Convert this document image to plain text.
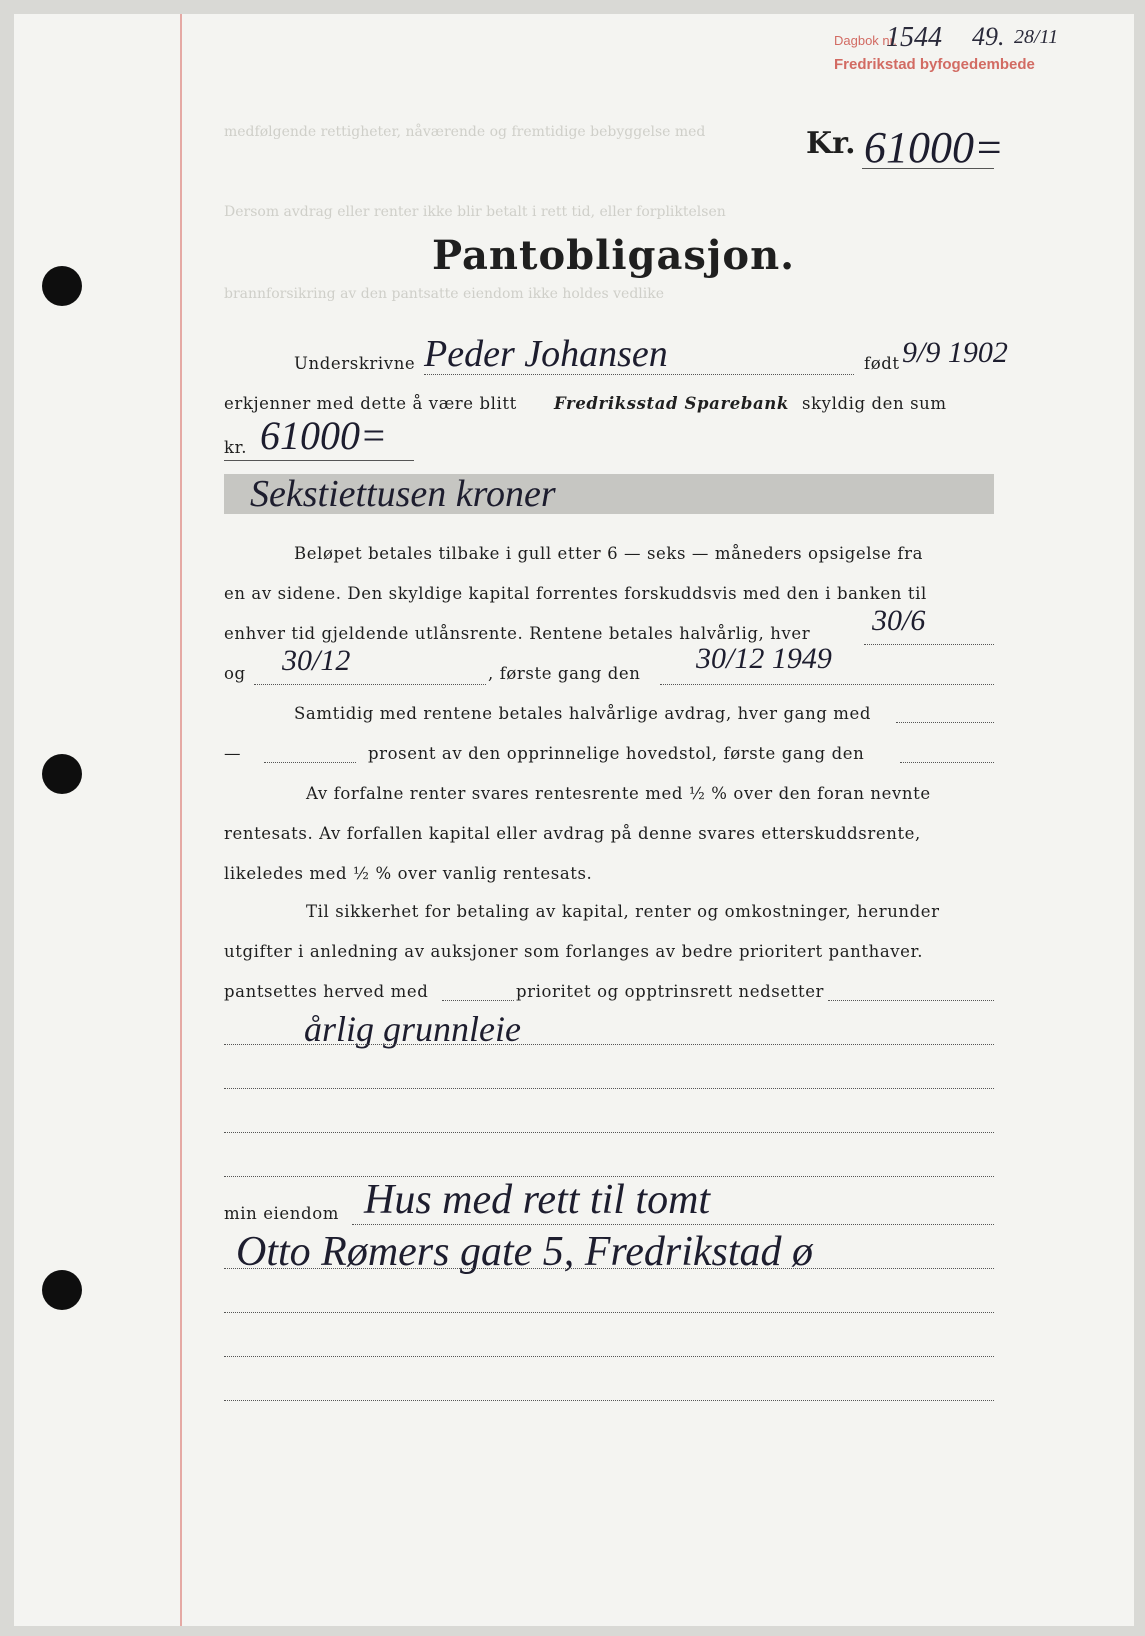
medfølgende rettigheter, nåværende og fremtidige bebyggelse med
Dersom avdrag eller renter ikke blir betalt i rett tid, eller forpliktelsen
brannforsikring av den pantsatte eiendom ikke holdes vedlike
Dagbok nr.
1544 49. 28/11
Fredrikstad byfogedembede
Kr. 61000=
Pantobligasjon.
Underskrivne Peder Johansen	født 9/9 1902
erkjenner med dette å være blitt Fredriksstad Sparebank skyldig den sum
kr. 61000=
Sekstiettusen kroner
Beløpet betales tilbake i gull etter 6 — seks — måneders opsigelse fra
en av sidene. Den skyldige kapital forrentes forskuddsvis med den i banken til
enhver tid gjeldende utlånsrente. Rentene betales halvårlig, hver 30/6
og 30/12	, første gang den 30/12 1949
Samtidig med rentene betales halvårlige avdrag, hver gang med
—	prosent av den opprinnelige hovedstol, første gang den
Av forfalne renter svares rentesrente med ½ % over den foran nevnte
rentesats. Av forfallen kapital eller avdrag på denne svares etterskuddsrente,
likeledes med ½ % over vanlig rentesats.
Til sikkerhet for betaling av kapital, renter og omkostninger, herunder
utgifter i anledning av auksjoner som forlanges av bedre prioritert panthaver.
pantsettes herved med	prioritet og opptrinsrett nedsetter
årlig grunnleie
min eiendom Hus med rett til tomt
Otto Rømers gate 5, Fredrikstad ø
